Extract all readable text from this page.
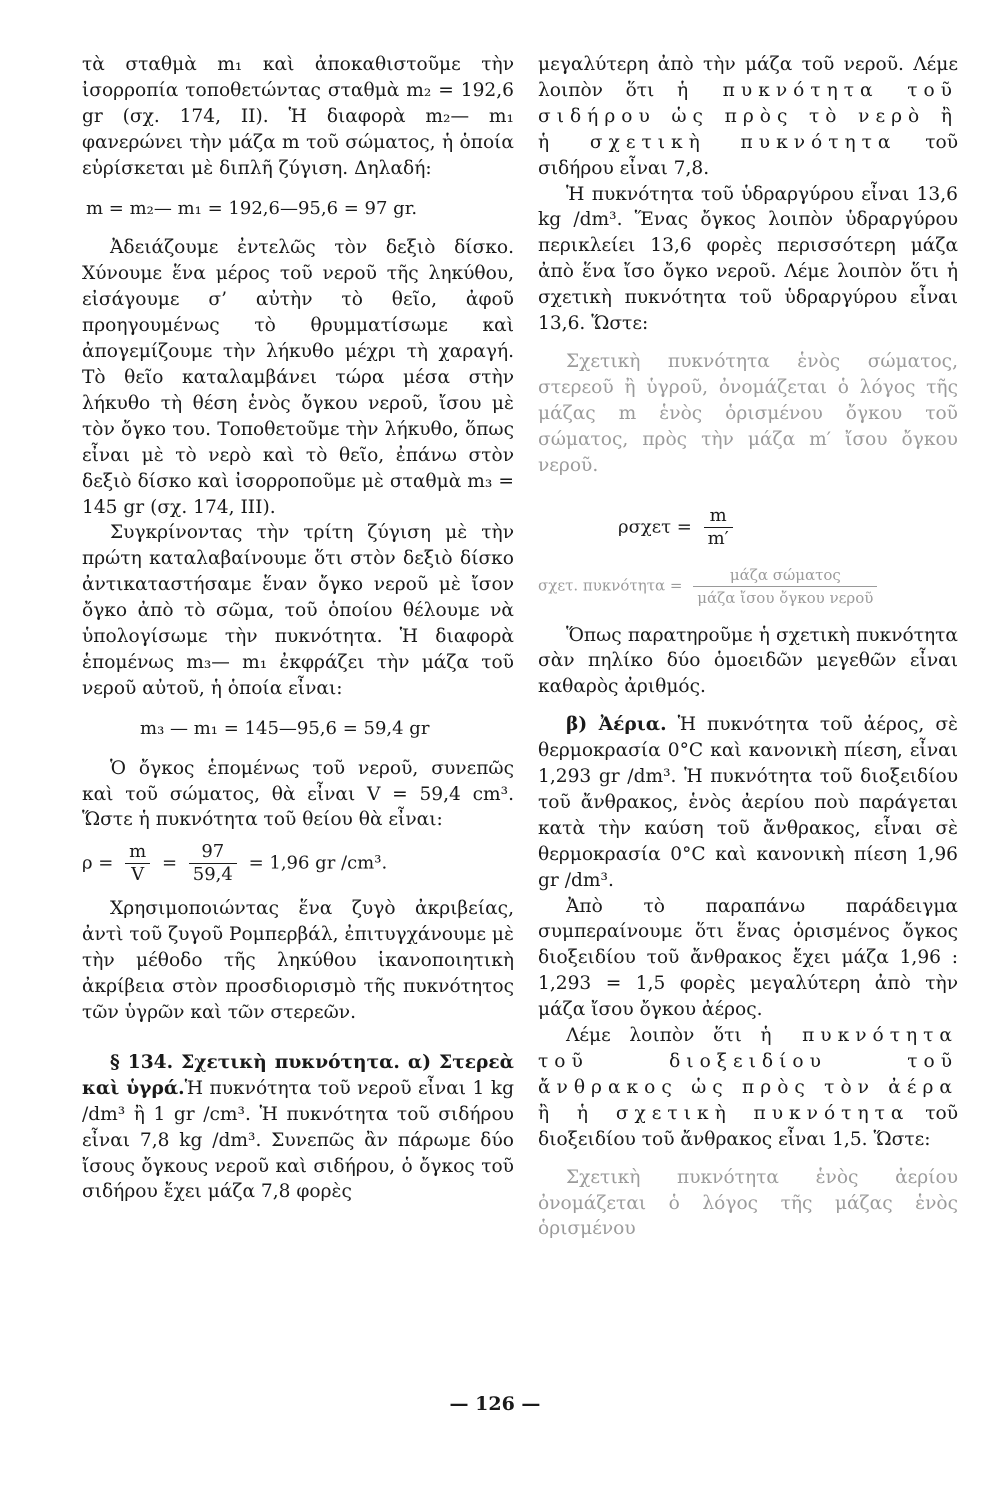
τὰ σταθμὰ m₁ καὶ ἀποκαθιστοῦμε τὴν ἰσορροπία τοποθετώντας σταθμὰ m₂ = 192,6 gr (σχ. 174, ΙΙ). Ἡ διαφορὰ m₂— m₁ φανερώνει τὴν μάζα m τοῦ σώματος, ἡ ὁποία εὑρίσκεται μὲ διπλῆ ζύγιση. Δηλαδή:

m = m₂— m₁ = 192,6—95,6 = 97 gr.

Ἀδειάζουμε ἐντελῶς τὸν δεξιὸ δίσκο. Χύνουμε ἕνα μέρος τοῦ νεροῦ τῆς ληκύθου, εἰσάγουμε σ’ αὐτὴν τὸ θεῖο, ἀφοῦ προηγουμένως τὸ θρυμματίσωμε καὶ ἀπογεμίζουμε τὴν λήκυθο μέχρι τὴ χαραγή. Τὸ θεῖο καταλαμβάνει τώρα μέσα στὴν λήκυθο τὴ θέση ἑνὸς ὄγκου νεροῦ, ἴσου μὲ τὸν ὄγκο του. Τοποθετοῦμε τὴν λήκυθο, ὅπως εἶναι μὲ τὸ νερὸ καὶ τὸ θεῖο, ἐπάνω στὸν δεξιὸ δίσκο καὶ ἰσορροποῦμε μὲ σταθμὰ m₃ = 145 gr (σχ. 174, ΙΙΙ).

Συγκρίνοντας τὴν τρίτη ζύγιση μὲ τὴν πρώτη καταλαβαίνουμε ὅτι στὸν δεξιὸ δίσκο ἀντικαταστήσαμε ἕναν ὄγκο νεροῦ μὲ ἴσον ὄγκο ἀπὸ τὸ σῶμα, τοῦ ὁποίου θέλουμε νὰ ὑπολογίσωμε τὴν πυκνότητα. Ἡ διαφορὰ ἑπομένως m₃— m₁ ἐκφράζει τὴν μάζα τοῦ νεροῦ αὐτοῦ, ἡ ὁποία εἶναι:

m₃ — m₁ = 145—95,6 = 59,4 gr

Ὁ ὄγκος ἑπομένως τοῦ νεροῦ, συνεπῶς καὶ τοῦ σώματος, θὰ εἶναι V = 59,4 cm³. Ὥστε ἡ πυκνότητα τοῦ θείου θὰ εἶναι:

$\rho = \frac{m}{V} = \frac{97}{59,4} = 1,96$ gr /cm³.

Χρησιμοποιώντας ἕνα ζυγὸ ἀκριβείας, ἀντὶ τοῦ ζυγοῦ Ρομπερβάλ, ἐπιτυγχάνουμε μὲ τὴν μέθοδο τῆς ληκύθου ἱκανοποιητικὴ ἀκρίβεια στὸν προσδιορισμὸ τῆς πυκνότητος τῶν ὑγρῶν καὶ τῶν στερεῶν.

§ 134. Σχετικὴ πυκνότητα. α) Στερεὰ καὶ ὑγρά.Ἡ πυκνότητα τοῦ νεροῦ εἶναι 1 kg /dm³ ἢ 1 gr /cm³. Ἡ πυκνότητα τοῦ σιδήρου εἶναι 7,8 kg /dm³. Συνεπῶς ἂν πάρωμε δύο ἴσους ὄγκους νεροῦ καὶ σιδήρου, ὁ ὄγκος τοῦ σιδήρου ἔχει μάζα 7,8 φορὲς

μεγαλύτερη ἀπὸ τὴν μάζα τοῦ νεροῦ. Λέμε λοιπὸν ὅτι ἡ πυκνότητα τοῦ σιδήρου ὡς πρὸς τὸ νερὸ ἢ ἡ σχετικὴ πυκνότητα τοῦ σιδήρου εἶναι 7,8.

Ἡ πυκνότητα τοῦ ὑδραργύρου εἶναι 13,6 kg /dm³. Ἕνας ὄγκος λοιπὸν ὑδραργύρου περικλείει 13,6 φορὲς περισσότερη μάζα ἀπὸ ἕνα ἴσο ὄγκο νεροῦ. Λέμε λοιπὸν ὅτι ἡ σχετικὴ πυκνότητα τοῦ ὑδραργύρου εἶναι 13,6. Ὥστε:

Σχετικὴ πυκνότητα ἑνὸς σώματος, στερεοῦ ἢ ὑγροῦ, ὀνομάζεται ὁ λόγος τῆς μάζας m ἑνὸς ὁρισμένου ὄγκου τοῦ σώματος, πρὸς τὴν μάζα m′ ἴσου ὄγκου νεροῦ.

$\rho\sigma\chi\varepsilon\tau = \frac{m}{m'}$
σχετ. $\pi\upsilon\kappa\nu ό\tau\eta\tau\alpha = \frac{\text{μάζα σώματος}}{\text{μάζα ἴσου ὄγκου νεροῦ}}$

Ὅπως παρατηροῦμε ἡ σχετικὴ πυκνότητα σὰν πηλίκο δύο ὁμοειδῶν μεγεθῶν εἶναι καθαρὸς ἀριθμός.

β) Ἀέρια. Ἡ πυκνότητα τοῦ ἀέρος, σὲ θερμοκρασία 0°C καὶ κανονικὴ πίεση, εἶναι 1,293 gr /dm³. Ἡ πυκνότητα τοῦ διοξειδίου τοῦ ἄνθρακος, ἑνὸς ἀερίου ποὺ παράγεται κατὰ τὴν καύση τοῦ ἄνθρακος, εἶναι σὲ θερμοκρασία 0°C καὶ κανονικὴ πίεση 1,96 gr /dm³.

Ἀπὸ τὸ παραπάνω παράδειγμα συμπεραίνουμε ὅτι ἕνας ὁρισμένος ὄγκος διοξειδίου τοῦ ἄνθρακος ἔχει μάζα 1,96 : 1,293 = 1,5 φορὲς μεγαλύτερη ἀπὸ τὴν μάζα ἴσου ὄγκου ἀέρος.

Λέμε λοιπὸν ὅτι ἡ πυκνότητα τοῦ διοξειδίου τοῦ ἄνθρακος ὡς πρὸς τὸν ἀέρα ἢ ἡ σχετικὴ πυκνότητα τοῦ διοξειδίου τοῦ ἄνθρακος εἶναι 1,5. Ὥστε:

Σχετικὴ πυκνότητα ἑνὸς ἀερίου ὀνομάζεται ὁ λόγος τῆς μάζας ἑνὸς ὁρισμένου

— 126 —
